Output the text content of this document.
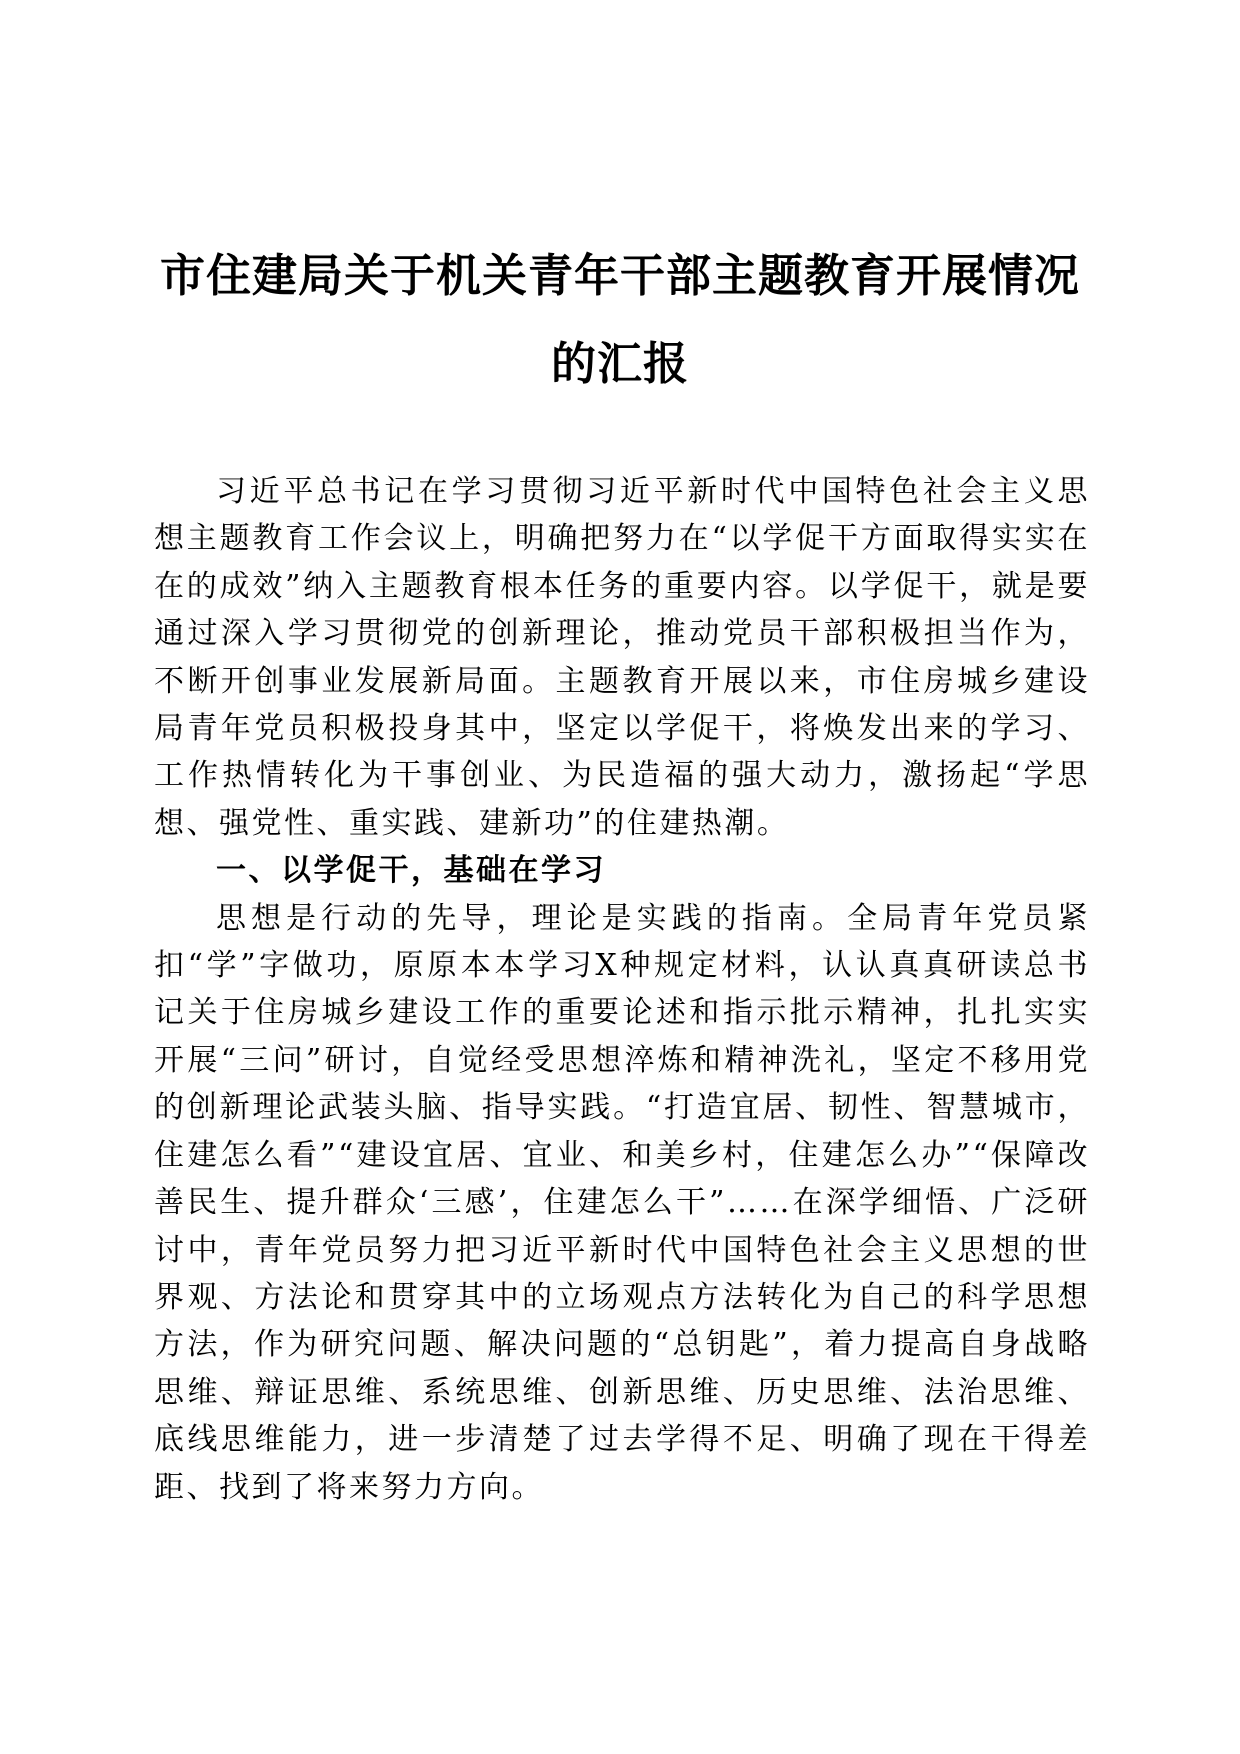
市住建局关于机关青年干部主题教育开展情况
的汇报

习近平总书记在学习贯彻习近平新时代中国特色社会主义思想主题教育工作会议上，明确把努力在“以学促干方面取得实实在在的成效”纳入主题教育根本任务的重要内容。以学促干，就是要通过深入学习贯彻党的创新理论，推动党员干部积极担当作为，不断开创事业发展新局面。主题教育开展以来，市住房城乡建设局青年党员积极投身其中，坚定以学促干，将焕发出来的学习、工作热情转化为干事创业、为民造福的强大动力，激扬起“学思想、强党性、重实践、建新功”的住建热潮。

一、以学促干，基础在学习

思想是行动的先导，理论是实践的指南。全局青年党员紧扣“学”字做功，原原本本学习X种规定材料，认认真真研读总书记关于住房城乡建设工作的重要论述和指示批示精神，扎扎实实开展“三问”研讨，自觉经受思想淬炼和精神洗礼，坚定不移用党的创新理论武装头脑、指导实践。“打造宜居、韧性、智慧城市，住建怎么看”“建设宜居、宜业、和美乡村，住建怎么办”“保障改善民生、提升群众‘三感’，住建怎么干”……在深学细悟、广泛研讨中，青年党员努力把习近平新时代中国特色社会主义思想的世界观、方法论和贯穿其中的立场观点方法转化为自己的科学思想方法，作为研究问题、解决问题的“总钥匙”，着力提高自身战略思维、辩证思维、系统思维、创新思维、历史思维、法治思维、底线思维能力，进一步清楚了过去学得不足、明确了现在干得差距、找到了将来努力方向。
